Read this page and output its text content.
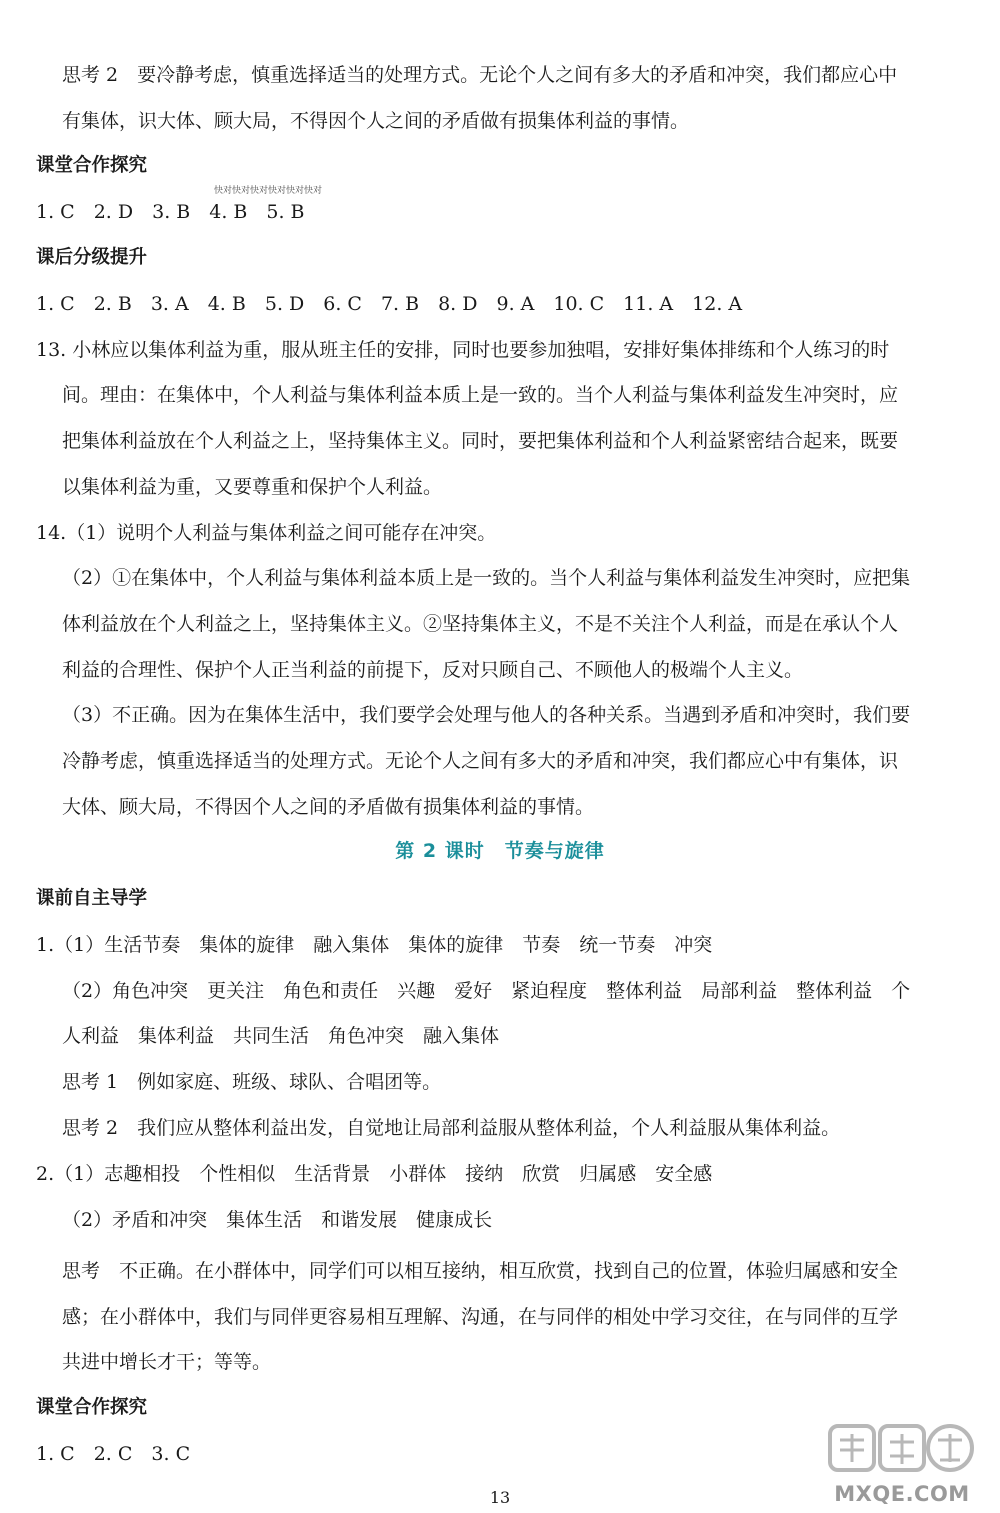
思考 2　要冷静考虑，慎重选择适当的处理方式。无论个人之间有多大的矛盾和冲突，我们都应心中
有集体，识大体、顾大局，不得因个人之间的矛盾做有损集体利益的事情。
课堂合作探究
1. C　2. D　3. B　4. B　5. B
课后分级提升
1. C　2. B　3. A　4. B　5. D　6. C　7. B　8. D　9. A　10. C　11. A　12. A
13. 小林应以集体利益为重，服从班主任的安排，同时也要参加独唱，安排好集体排练和个人练习的时
间。理由：在集体中，个人利益与集体利益本质上是一致的。当个人利益与集体利益发生冲突时，应
把集体利益放在个人利益之上，坚持集体主义。同时，要把集体利益和个人利益紧密结合起来，既要
以集体利益为重，又要尊重和保护个人利益。
14.（1）说明个人利益与集体利益之间可能存在冲突。
（2）①在集体中，个人利益与集体利益本质上是一致的。当个人利益与集体利益发生冲突时，应把集
体利益放在个人利益之上，坚持集体主义。②坚持集体主义，不是不关注个人利益，而是在承认个人
利益的合理性、保护个人正当利益的前提下，反对只顾自己、不顾他人的极端个人主义。
（3）不正确。因为在集体生活中，我们要学会处理与他人的各种关系。当遇到矛盾和冲突时，我们要
冷静考虑，慎重选择适当的处理方式。无论个人之间有多大的矛盾和冲突，我们都应心中有集体，识
大体、顾大局，不得因个人之间的矛盾做有损集体利益的事情。
课前自主导学
1.（1）生活节奏　集体的旋律　融入集体　集体的旋律　节奏　统一节奏　冲突
（2）角色冲突　更关注　角色和责任　兴趣　爱好　紧迫程度　整体利益　局部利益　整体利益　个
人利益　集体利益　共同生活　角色冲突　融入集体
思考 1　例如家庭、班级、球队、合唱团等。
思考 2　我们应从整体利益出发，自觉地让局部利益服从整体利益，个人利益服从集体利益。
2.（1）志趣相投　个性相似　生活背景　小群体　接纳　欣赏　归属感　安全感
（2）矛盾和冲突　集体生活　和谐发展　健康成长
思考　不正确。在小群体中，同学们可以相互接纳，相互欣赏，找到自己的位置，体验归属感和安全
感；在小群体中，我们与同伴更容易相互理解、沟通，在与同伴的相处中学习交往，在与同伴的互学
共进中增长才干；等等。
课堂合作探究
1. C　2. C　3. C
第 2 课时　节奏与旋律
快对快对快对快对快对快对
13	MXQE.COM
